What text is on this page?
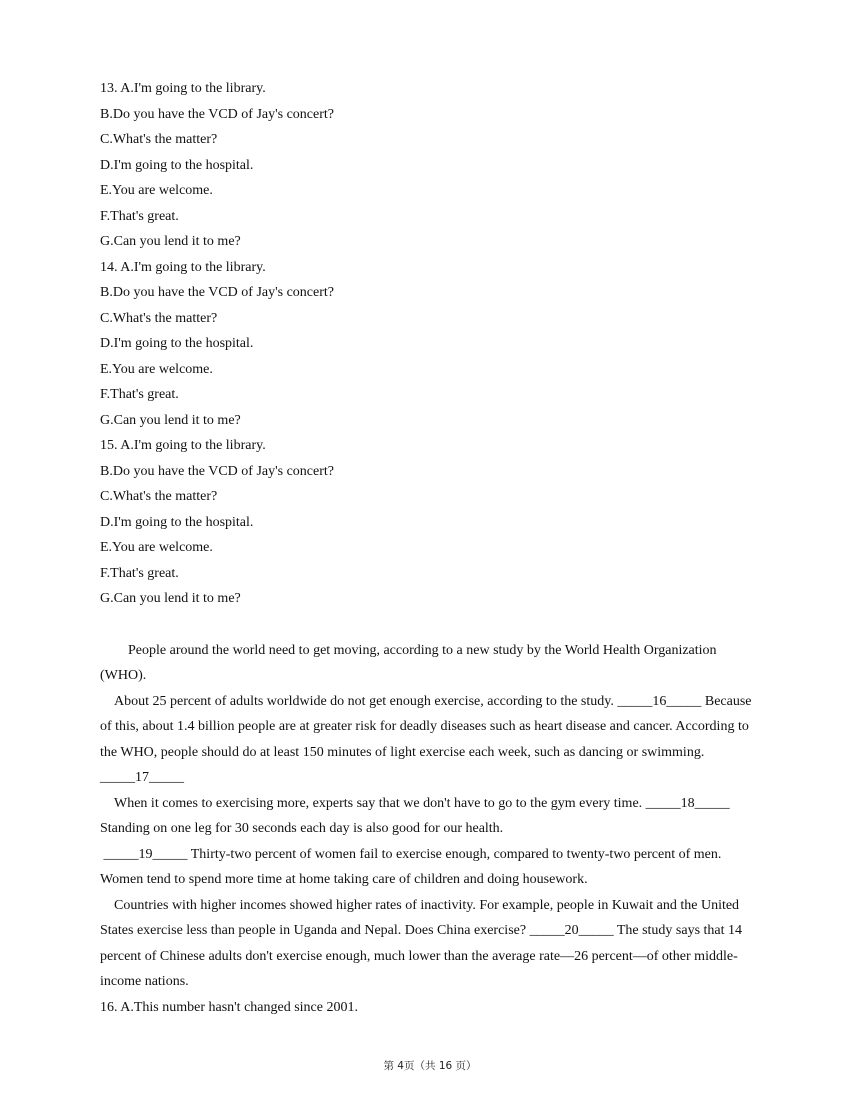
13. A.I'm going to the library.
B.Do you have the VCD of Jay's concert?
C.What's the matter?
D.I'm going to the hospital.
E.You are welcome.
F.That's great.
G.Can you lend it to me?
14. A.I'm going to the library.
B.Do you have the VCD of Jay's concert?
C.What's the matter?
D.I'm going to the hospital.
E.You are welcome.
F.That's great.
G.Can you lend it to me?
15. A.I'm going to the library.
B.Do you have the VCD of Jay's concert?
C.What's the matter?
D.I'm going to the hospital.
E.You are welcome.
F.That's great.
G.Can you lend it to me?

People around the world need to get moving, according to a new study by the World Health Organization (WHO).

About 25 percent of adults worldwide do not get enough exercise, according to the study. _____16_____ Because of this, about 1.4 billion people are at greater risk for deadly diseases such as heart disease and cancer. According to the WHO, people should do at least 150 minutes of light exercise each week, such as dancing or swimming. _____17_____

When it comes to exercising more, experts say that we don't have to go to the gym every time. _____18_____ Standing on one leg for 30 seconds each day is also good for our health.

_____19_____ Thirty-two percent of women fail to exercise enough, compared to twenty-two percent of men. Women tend to spend more time at home taking care of children and doing housework.

Countries with higher incomes showed higher rates of inactivity. For example, people in Kuwait and the United States exercise less than people in Uganda and Nepal. Does China exercise? _____20_____ The study says that 14 percent of Chinese adults don't exercise enough, much lower than the average rate—26 percent—of other middle-income nations.

16. A.This number hasn't changed since 2001.

第 4页（共 16 页）
